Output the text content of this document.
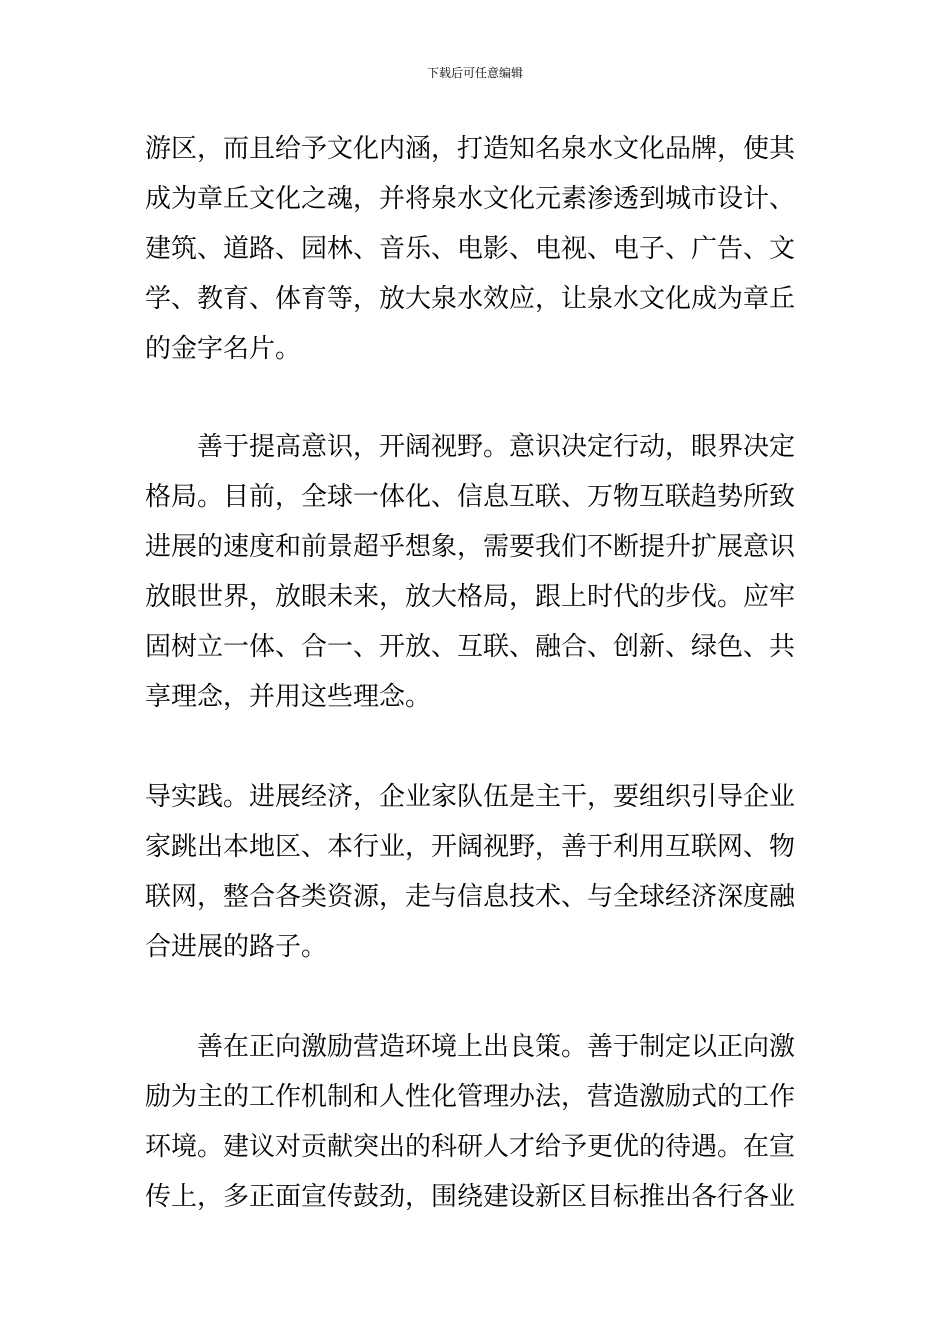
下载后可任意编辑
游区，而且给予文化内涵，打造知名泉水文化品牌，使其
成为章丘文化之魂，并将泉水文化元素渗透到城市设计、
建筑、道路、园林、音乐、电影、电视、电子、广告、文
学、教育、体育等，放大泉水效应，让泉水文化成为章丘
的金字名片。
善于提高意识，开阔视野。意识决定行动，眼界决定
格局。目前，全球一体化、信息互联、万物互联趋势所致
进展的速度和前景超乎想象，需要我们不断提升扩展意识
放眼世界，放眼未来，放大格局，跟上时代的步伐。应牢
固树立一体、合一、开放、互联、融合、创新、绿色、共
享理念，并用这些理念。
导实践。进展经济，企业家队伍是主干，要组织引导企业
家跳出本地区、本行业，开阔视野，善于利用互联网、物
联网，整合各类资源，走与信息技术、与全球经济深度融
合进展的路子。
善在正向激励营造环境上出良策。善于制定以正向激
励为主的工作机制和人性化管理办法，营造激励式的工作
环境。建议对贡献突出的科研人才给予更优的待遇。在宣
传上，多正面宣传鼓劲，围绕建设新区目标推出各行各业
